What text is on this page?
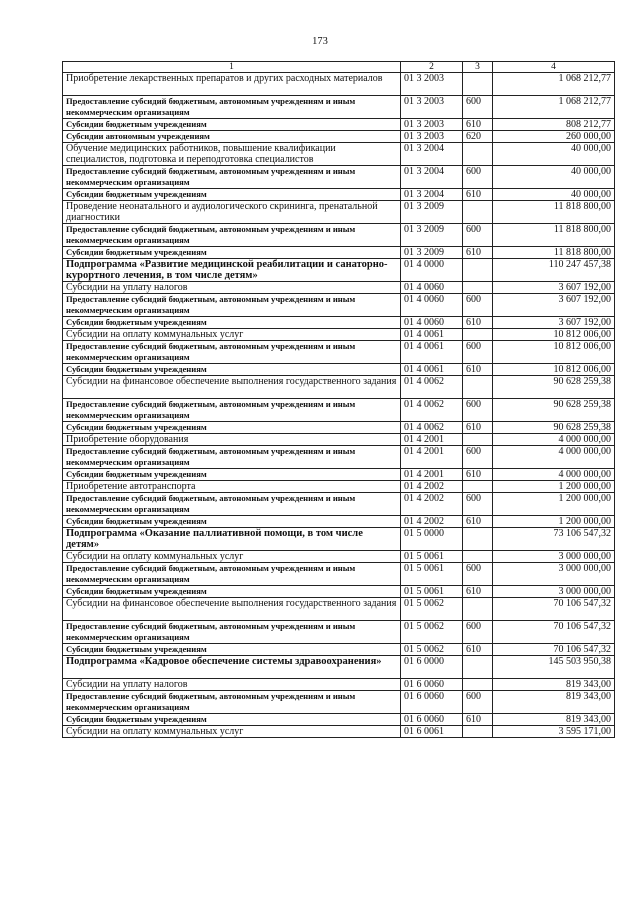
173
1	2	3	4
Приобретение лекарственных препаратов и других расходных материалов	01 3 2003		1 068 212,77
Предоставление субсидий бюджетным, автономным учреждениям и иным некоммерческим организациям	01 3 2003	600	1 068 212,77
Субсидии бюджетным учреждениям	01 3 2003	610	808 212,77
Субсидии автономным учреждениям	01 3 2003	620	260 000,00
Обучение медицинских работников, повышение квалификации специалистов, подготовка и переподготовка специалистов	01 3 2004		40 000,00
Предоставление субсидий бюджетным, автономным учреждениям и иным некоммерческим организациям	01 3 2004	600	40 000,00
Субсидии бюджетным учреждениям	01 3 2004	610	40 000,00
Проведение неонатального и аудиологического скрининга, пренатальной диагностики	01 3 2009		11 818 800,00
Предоставление субсидий бюджетным, автономным учреждениям и иным некоммерческим организациям	01 3 2009	600	11 818 800,00
Субсидии бюджетным учреждениям	01 3 2009	610	11 818 800,00
Подпрограмма «Развитие медицинской реабилитации и санаторно-курортного лечения, в том числе детям»	01 4 0000		110 247 457,38
Субсидии на уплату налогов	01 4 0060		3 607 192,00
Предоставление субсидий бюджетным, автономным учреждениям и иным некоммерческим организациям	01 4 0060	600	3 607 192,00
Субсидии бюджетным учреждениям	01 4 0060	610	3 607 192,00
Субсидии на оплату коммунальных услуг	01 4 0061		10 812 006,00
Предоставление субсидий бюджетным, автономным учреждениям и иным некоммерческим организациям	01 4 0061	600	10 812 006,00
Субсидии бюджетным учреждениям	01 4 0061	610	10 812 006,00
Субсидии на финансовое обеспечение выполнения государственного задания	01 4 0062		90 628 259,38
Предоставление субсидий бюджетным, автономным учреждениям и иным некоммерческим организациям	01 4 0062	600	90 628 259,38
Субсидии бюджетным учреждениям	01 4 0062	610	90 628 259,38
Приобретение оборудования	01 4 2001		4 000 000,00
Предоставление субсидий бюджетным, автономным учреждениям и иным некоммерческим организациям	01 4 2001	600	4 000 000,00
Субсидии бюджетным учреждениям	01 4 2001	610	4 000 000,00
Приобретение автотранспорта	01 4 2002		1 200 000,00
Предоставление субсидий бюджетным, автономным учреждениям и иным некоммерческим организациям	01 4 2002	600	1 200 000,00
Субсидии бюджетным учреждениям	01 4 2002	610	1 200 000,00
Подпрограмма «Оказание паллиативной помощи, в том числе детям»	01 5 0000		73 106 547,32
Субсидии на оплату коммунальных услуг	01 5 0061		3 000 000,00
Предоставление субсидий бюджетным, автономным учреждениям и иным некоммерческим организациям	01 5 0061	600	3 000 000,00
Субсидии бюджетным учреждениям	01 5 0061	610	3 000 000,00
Субсидии на финансовое обеспечение выполнения государственного задания	01 5 0062		70 106 547,32
Предоставление субсидий бюджетным, автономным учреждениям и иным некоммерческим организациям	01 5 0062	600	70 106 547,32
Субсидии бюджетным учреждениям	01 5 0062	610	70 106 547,32
Подпрограмма «Кадровое обеспечение системы здравоохранения»	01 6 0000		145 503 950,38
Субсидии на уплату налогов	01 6 0060		819 343,00
Предоставление субсидий бюджетным, автономным учреждениям и иным некоммерческим организациям	01 6 0060	600	819 343,00
Субсидии бюджетным учреждениям	01 6 0060	610	819 343,00
Субсидии на оплату коммунальных услуг	01 6 0061		3 595 171,00
